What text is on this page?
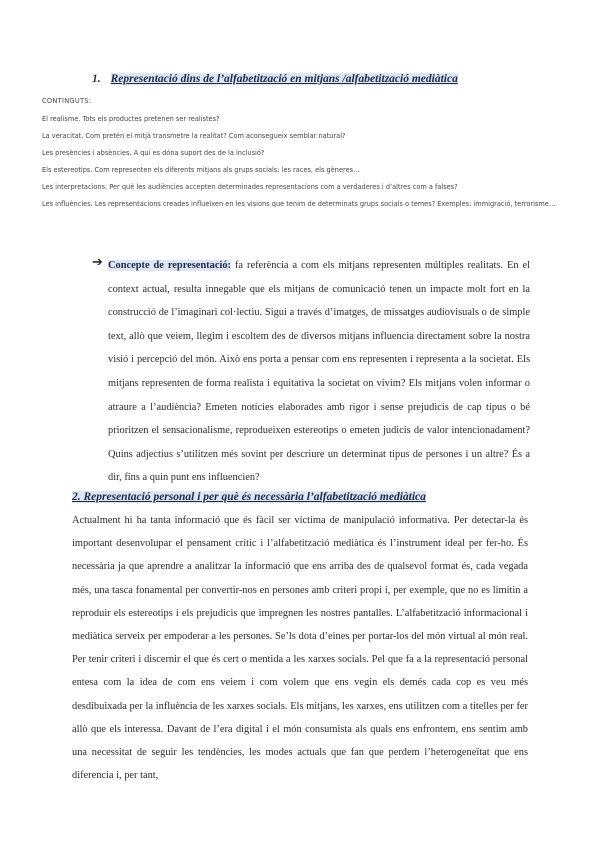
1. Representació dins de l’alfabetització en mitjans /alfabetització mediàtica
CONTINGUTS:
El realisme. Tots els productes pretenen ser realistes?
La veracitat. Com pretén el mitjà transmetre la realitat? Com aconsegueix semblar natural?
Les presències i absències. A qui es dóna suport des de la inclusió?
Els estereotips. Com representen els diferents mitjans als grups socials: les races, els gèneres…
Les interpretacions. Per què les audiències accepten determinades representacions com a verdaderes i d’altres com a falses?
Les influències. Les representacions creades influeixen en les visions que tenim de determinats grups socials o temes? Exemples: immigració, terrorisme…
➔ Concepte de representació: fa referència a com els mitjans representen múltiples realitats. En el context actual, resulta innegable que els mitjans de comunicació tenen un impacte molt fort en la construcció de l’imaginari col·lectiu. Sigui a través d’imatges, de missatges audiovisuals o de simple text, allò que veiem, llegim i escoltem des de diversos mitjans influencia directament sobre la nostra visió i percepció del món. Això ens porta a pensar com ens representen i representa a la societat. Els mitjans representen de forma realista i equitativa la societat on vivim? Els mitjans volen informar o atraure a l’audiència? Emeten notícies elaborades amb rigor i sense prejudicis de cap tipus o bé prioritzen el sensacionalisme, reprodueixen estereotips o emeten judicis de valor intencionadament? Quins adjectius s’utilitzen més sovint per descriure un determinat tipus de persones i un altre? És a dir, fins a quin punt ens influencien?
2. Representació personal i per què és necessària l’alfabetització mediàtica
Actualment hi ha tanta informació que és fàcil ser víctima de manipulació informativa. Per detectar-la és important desenvolupar el pensament crític i l’alfabetització mediàtica és l’instrument ideal per fer-ho. És necessària ja que aprendre a analitzar la informació que ens arriba des de qualsevol format és, cada vegada més, una tasca fonamental per convertir-nos en persones amb criteri propi i, per exemple, que no es limitin a reproduir els estereotips i els prejudicis que impregnen les nostres pantalles. L’alfabetització informacional i mediàtica serveix per empoderar a les persones. Se’ls dota d’eines per portar-los del món virtual al món real. Per tenir criteri i discernir el que és cert o mentida a les xarxes socials. Pel que fa a la representació personal entesa com la idea de com ens veiem i com volem que ens vegin els demés cada cop es veu més desdibuixada per la influència de les xarxes socials. Els mitjans, les xarxes, ens utilitzen com a titelles per fer allò que els interessa. Davant de l’era digital i el món consumista als quals ens enfrontem, ens sentim amb una necessitat de seguir les tendències, les modes actuals que fan que perdem l’heterogeneïtat que ens diferencia i, per tant,
